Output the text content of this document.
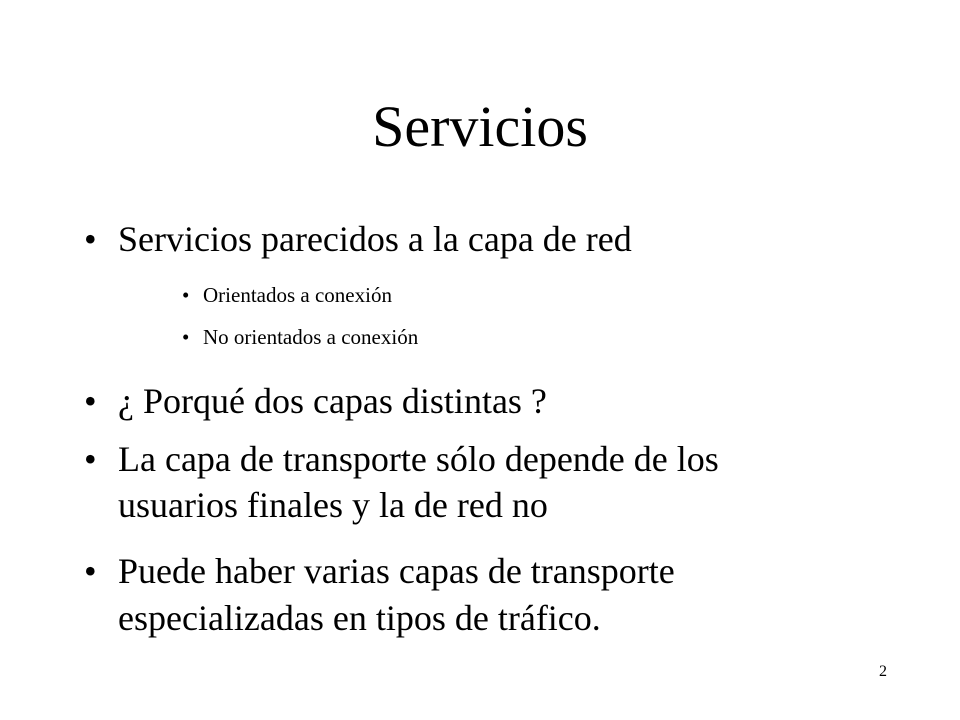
Servicios
• Servicios parecidos a la capa de red
• Orientados a conexión
• No orientados a conexión
• ¿ Porqué dos capas distintas ?
• La capa de transporte sólo depende de los
usuarios finales y la de red no
• Puede haber varias capas de transporte
especializadas en tipos de tráfico.
2
